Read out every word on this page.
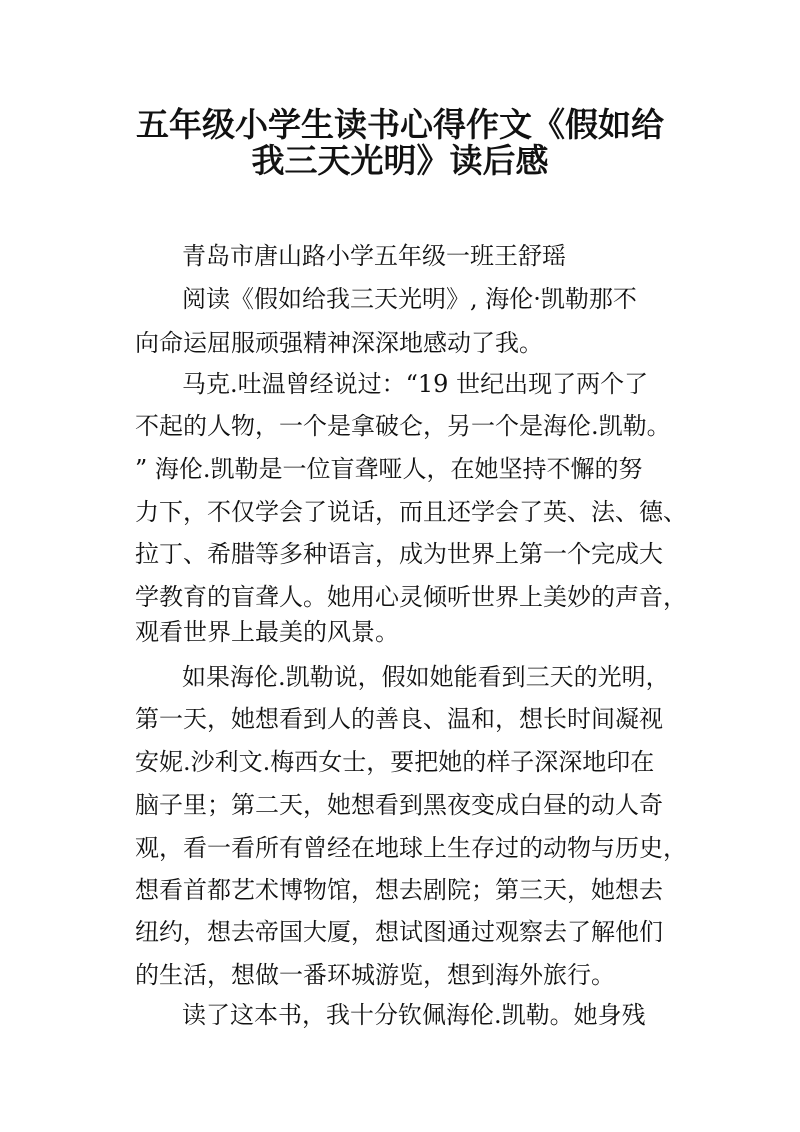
五年级小学生读书心得作文《假如给
我三天光明》读后感
青岛市唐山路小学五年级一班王舒瑶
阅读《假如给我三天光明》, 海伦·凯勒那不
向命运屈服顽强精神深深地感动了我。
马克.吐温曾经说过：“19 世纪出现了两个了
不起的人物，一个是拿破仑，另一个是海伦.凯勒。
” 海伦.凯勒是一位盲聋哑人，在她坚持不懈的努
力下，不仅学会了说话，而且还学会了英、法、德、
拉丁、希腊等多种语言，成为世界上第一个完成大
学教育的盲聋人。她用心灵倾听世界上美妙的声音，
观看世界上最美的风景。
如果海伦.凯勒说，假如她能看到三天的光明，
第一天，她想看到人的善良、温和，想长时间凝视
安妮.沙利文.梅西女士，要把她的样子深深地印在
脑子里；第二天，她想看到黑夜变成白昼的动人奇
观，看一看所有曾经在地球上生存过的动物与历史，
想看首都艺术博物馆，想去剧院；第三天，她想去
纽约，想去帝国大厦，想试图通过观察去了解他们
的生活，想做一番环城游览，想到海外旅行。
读了这本书，我十分钦佩海伦.凯勒。她身残
